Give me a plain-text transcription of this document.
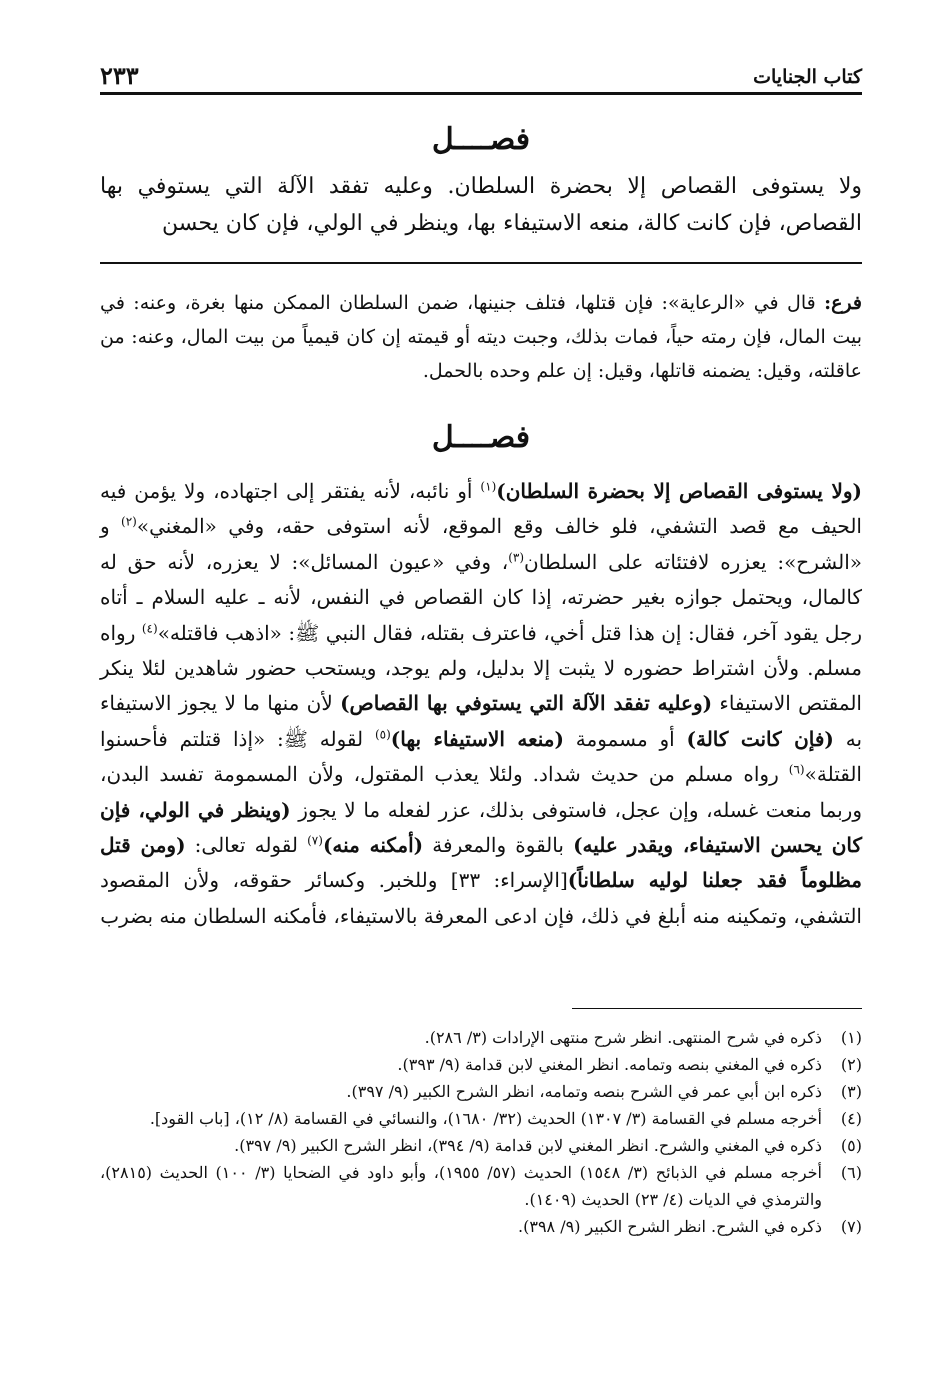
كتاب الجنايات
٢٣٣
فصــــل
ولا يستوفى القصاص إلا بحضرة السلطان. وعليه تفقد الآلة التي يستوفي بها القصاص، فإن كانت كالة، منعه الاستيفاء بها، وينظر في الولي، فإن كان يحسن
فرع: قال في «الرعاية»: فإن قتلها، فتلف جنينها، ضمن السلطان الممكن منها بغرة، وعنه: في بيت المال، فإن رمته حياً، فمات بذلك، وجبت ديته أو قيمته إن كان قيمياً من بيت المال، وعنه: من عاقلته، وقيل: يضمنه قاتلها، وقيل: إن علم وحده بالحمل.
فصــــل
(ولا يستوفى القصاص إلا بحضرة السلطان)$^{(١)}$ أو نائبه، لأنه يفتقر إلى اجتهاده، ولا يؤمن فيه الحيف مع قصد التشفي، فلو خالف وقع الموقع، لأنه استوفى حقه، وفي «المغني»$^{(٢)}$ و «الشرح»: يعزره لافتئاته على السلطان$^{(٣)}$، وفي «عيون المسائل»: لا يعزره، لأنه حق له كالمال، ويحتمل جوازه بغير حضرته، إذا كان القصاص في النفس، لأنه ـ عليه السلام ـ أتاه رجل يقود آخر، فقال: إن هذا قتل أخي، فاعترف بقتله، فقال النبي ﷺ: «اذهب فاقتله»$^{(٤)}$ رواه مسلم. ولأن اشتراط حضوره لا يثبت إلا بدليل، ولم يوجد، ويستحب حضور شاهدين لئلا ينكر المقتص الاستيفاء (وعليه تفقد الآلة التي يستوفي بها القصاص) لأن منها ما لا يجوز الاستيفاء به (فإن كانت كالة) أو مسمومة (منعه الاستيفاء بها)$^{(٥)}$ لقوله ﷺ: «إذا قتلتم فأحسنوا القتلة»$^{(٦)}$ رواه مسلم من حديث شداد. ولئلا يعذب المقتول، ولأن المسمومة تفسد البدن، وربما منعت غسله، وإن عجل، فاستوفى بذلك، عزر لفعله ما لا يجوز (وينظر في الولي، فإن كان يحسن الاستيفاء، ويقدر عليه) بالقوة والمعرفة (أمكنه منه)$^{(٧)}$ لقوله تعالى: (ومن قتل مظلوماً فقد جعلنا لوليه سلطاناً)[الإسراء: ٣٣] وللخبر. وكسائر حقوقه، ولأن المقصود التشفي، وتمكينه منه أبلغ في ذلك، فإن ادعى المعرفة بالاستيفاء، فأمكنه السلطان منه بضرب

(١)
ذكره في شرح المنتهى. انظر شرح منتهى الإرادات (٣/ ٢٨٦).

(٢)
ذكره في المغني بنصه وتمامه. انظر المغني لابن قدامة (٩/ ٣٩٣).

(٣)
ذكره ابن أبي عمر في الشرح بنصه وتمامه، انظر الشرح الكبير (٩/ ٣٩٧).

(٤)
أخرجه مسلم في القسامة (٣/ ١٣٠٧) الحديث (٣٢/ ١٦٨٠)، والنسائي في القسامة (٨/ ١٢)، [باب القود].

(٥)
ذكره في المغني والشرح. انظر المغني لابن قدامة (٩/ ٣٩٤)، انظر الشرح الكبير (٩/ ٣٩٧).

(٦)
أخرجه مسلم في الذبائح (٣/ ١٥٤٨) الحديث (٥٧/ ١٩٥٥)، وأبو داود في الضحايا (٣/ ١٠٠) الحديث (٢٨١٥)، والترمذي في الديات (٤/ ٢٣) الحديث (١٤٠٩).

(٧)
ذكره في الشرح. انظر الشرح الكبير (٩/ ٣٩٨).
